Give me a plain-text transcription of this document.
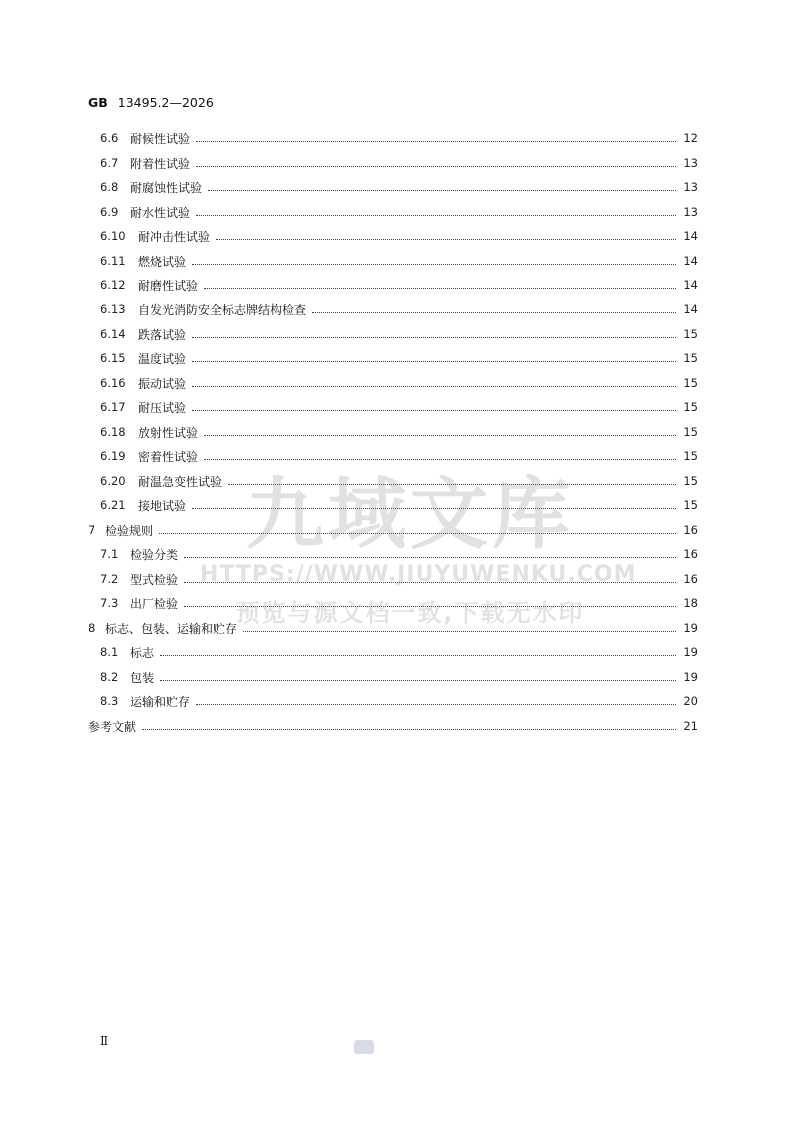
GB 13495.2—2026
6.6 耐候性试验	12
6.7 附着性试验	13
6.8 耐腐蚀性试验	13
6.9 耐水性试验	13
6.10	耐冲击性试验	14
6.11	燃烧试验	14
6.12	耐磨性试验	14
6.13	自发光消防安全标志牌结构检查	14
6.14	跌落试验	15
6.15	温度试验	15
6.16	振动试验	15
6.17	耐压试验	15
6.18	放射性试验	15
6.19	密着性试验	15
6.20	耐温急变性试验	15
6.21	接地试验	15
7 检验规则	16
7.1 检验分类	16
7.2 型式检验	16
7.3 出厂检验	18
8 标志、包装、运输和贮存	19
8.1 标志	19
8.2 包装	19
8.3 运输和贮存	20
参考文献	21
九域文库
HTTPS://WWW.JIUYUWENKU.COM
预览与源文档一致,下载无水印
Ⅱ
